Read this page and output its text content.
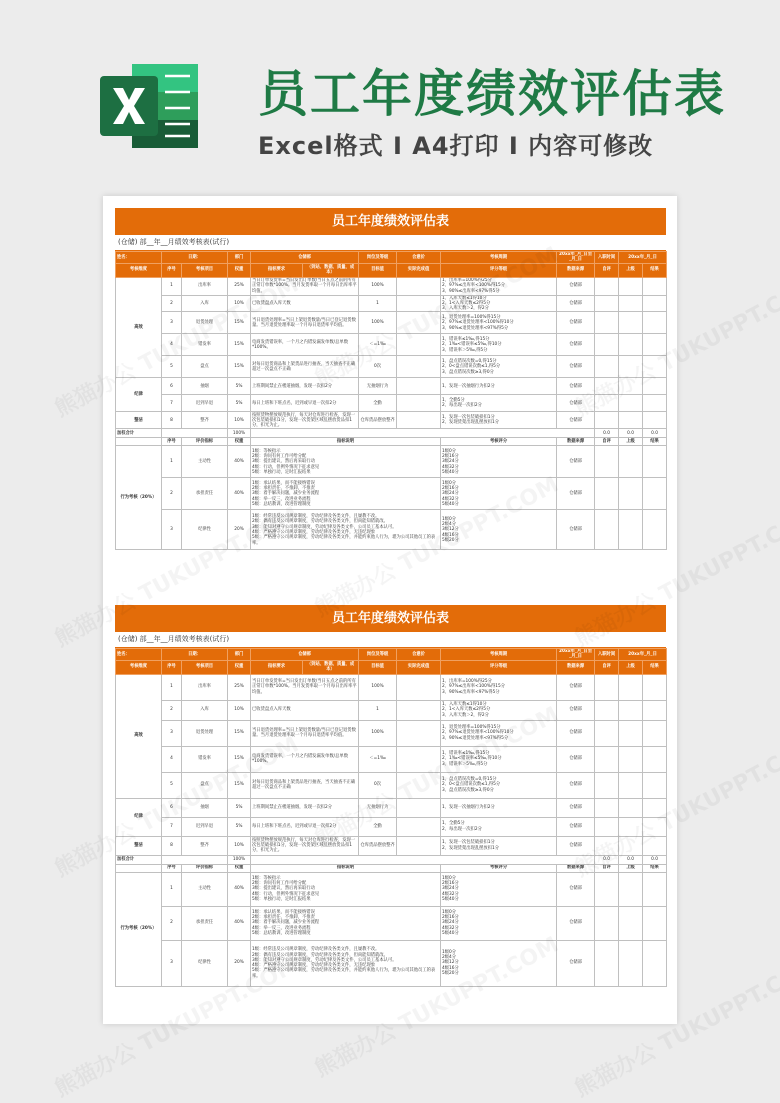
员工年度绩效评估表
Excel格式 I A4打印 I 内容可修改
员工年度绩效评估表
(仓储) 部__年__月绩效考核表(试行)
姓名：	日期：	部门	仓储部	岗位及等级	合意价	考核周期	20xx年_月_日至_月_日	入职时间	20xx年_月_日	
考核维度	序号	考核项目	权重	指标要求	（到站、数据、质量、成本）	目标值	实际完成值	评分等级	数据来源	自评	上级	结果
高效	1	出库率	25%	当日订单发货率=当日发出订单数/当日五点之前的所有正常订单数*100%。当月发货率取一个月每日出库率平均值。	100%		1、出库率=100%得25分
2、97%≤出库率<100%得15分
3、90%≤出库率<97%得5分	仓储部			
2	入库	10%	已收货盘点入库天数	1		1、入库天数≤1得10分
2、1<入库天数≤2得5分
3、入库天数＞2，得2分	仓储部			
3	退货处理	15%	当日退货处理率=当日上架退货数量/当日已登记退货数量。当月退货处理率取一个月每日退货率平均值。	100%		1、退货处理率=100%得15分
2、97%≤退货处理率<100%得10分
3、90%≤退货处理率<97%得5分	仓储部			
4	错发率	15%	电商发货错误率，一个月之内错发漏发单数/总单数*100%。	＜=1‰		1、错误率≤1‰,得15分
2、1‰<错误率≤5‰,得10分
3、错误率＞5‰,得5分	仓储部			
5	盘点	15%	对每日退货商品和上架货品进行抽查，当天抽查不正确超过一次盘点不正确	0次		1、盘点错误次数=0,得15分
2、0<盘点错误次数≤1,得5分
3、盘点错误次数≥3,得0分	仓储部			
纪律	6	抽烟	5%	上班期间禁止在楼道抽烟，发现一次扣2分	无抽烟行为		1、发现一次抽烟行为扣2分	仓储部			
7	迟到早退	5%	每日上班和下班点名，迟到或早退一次扣2分	全勤		1、全勤5分
2、每出现一次扣2分	仓储部			
整洁	8	整齐	10%	按照货物摆放规范执行，每天对仓库进行检查，发现一次包装破损扣1分，发现一次货架区域乱摆放货品扣1分，扣光为止。	仓库货品摆放整齐		1、发现一次包装破损扣1分
2、发现货架出现乱摆放扣1分	仓储部			
加权合计		100%		0.0	0.0	0.0
	序号	评价指标	权重	指标说明	考核评分	数据来源	自评	上级	结果
行为考核（20%）	1	主动性	40%	1级：等候指示
2级：询问有何工作可给分配
3级：提出建议，然后再采取行动
4级：行动，但例外情况下征求意见
5级：单独行动，定时汇报结果	1级0分
2级16分
3级24分
4级32分
5级40分	仓储部			
2	承担责任	40%	1级：承认结果，而不能接纳错误
2级：承担责任，不推卸，不推责
3级：着手解决问题，减少业务流程
4级：举一反三，改进业务流程
5级：总结教训，改进管理制度	1级0分
2级16分
3级24分
4级32分
5级40分	仓储部			
3	纪律性	20%	1级：经常违反公司规章制度，劳动纪律及各类文件，且屡教不改。
2级：偶有违反公司规章制度，劳动纪律及各类文件，但尚能知错就改。
3级：能知对遵守公司规章制度，劳动纪律及各类文件，公司员工基本认可。
4级：严格遵守公司规章制度，劳动纪律及各类文件，无违纪现象
5级：严格遵守公司规章制度，劳动纪律及各类文件，并能约束他人行为，堪为公司其他员工的表率。	1级0分
2级4分
3级12分
4级16分
5级20分	仓储部			
员工年度绩效评估表
(仓储) 部__年__月绩效考核表(试行)
姓名：	日期：	部门	仓储部	岗位及等级	合意价	考核周期	20xx年_月_日至_月_日	入职时间	20xx年_月_日	
考核维度	序号	考核项目	权重	指标要求	（到站、数据、质量、成本）	目标值	实际完成值	评分等级	数据来源	自评	上级	结果
高效	1	出库率	25%	当日订单发货率=当日发出订单数/当日五点之前的所有正常订单数*100%。当月发货率取一个月每日出库率平均值。	100%		1、出库率=100%得25分
2、97%≤出库率<100%得15分
3、90%≤出库率<97%得5分	仓储部			
2	入库	10%	已收货盘点入库天数	1		1、入库天数≤1得10分
2、1<入库天数≤2得5分
3、入库天数＞2，得2分	仓储部			
3	退货处理	15%	当日退货处理率=当日上架退货数量/当日已登记退货数量。当月退货处理率取一个月每日退货率平均值。	100%		1、退货处理率=100%得15分
2、97%≤退货处理率<100%得10分
3、90%≤退货处理率<97%得5分	仓储部			
4	错发率	15%	电商发货错误率，一个月之内错发漏发单数/总单数*100%。	＜=1‰		1、错误率≤1‰,得15分
2、1‰<错误率≤5‰,得10分
3、错误率＞5‰,得5分	仓储部			
5	盘点	15%	对每日退货商品和上架货品进行抽查，当天抽查不正确超过一次盘点不正确	0次		1、盘点错误次数=0,得15分
2、0<盘点错误次数≤1,得5分
3、盘点错误次数≥3,得0分	仓储部			
纪律	6	抽烟	5%	上班期间禁止在楼道抽烟，发现一次扣2分	无抽烟行为		1、发现一次抽烟行为扣2分	仓储部			
7	迟到早退	5%	每日上班和下班点名，迟到或早退一次扣2分	全勤		1、全勤5分
2、每出现一次扣2分	仓储部			
整洁	8	整齐	10%	按照货物摆放规范执行，每天对仓库进行检查，发现一次包装破损扣1分，发现一次货架区域乱摆放货品扣1分，扣光为止。	仓库货品摆放整齐		1、发现一次包装破损扣1分
2、发现货架出现乱摆放扣1分	仓储部			
加权合计		100%		0.0	0.0	0.0
	序号	评价指标	权重	指标说明	考核评分	数据来源	自评	上级	结果
行为考核（20%）	1	主动性	40%	1级：等候指示
2级：询问有何工作可给分配
3级：提出建议，然后再采取行动
4级：行动，但例外情况下征求意见
5级：单独行动，定时汇报结果	1级0分
2级16分
3级24分
4级32分
5级40分	仓储部			
2	承担责任	40%	1级：承认结果，而不能接纳错误
2级：承担责任，不推卸，不推责
3级：着手解决问题，减少业务流程
4级：举一反三，改进业务流程
5级：总结教训，改进管理制度	1级0分
2级16分
3级24分
4级32分
5级40分	仓储部			
3	纪律性	20%	1级：经常违反公司规章制度，劳动纪律及各类文件，且屡教不改。
2级：偶有违反公司规章制度，劳动纪律及各类文件，但尚能知错就改。
3级：能知对遵守公司规章制度，劳动纪律及各类文件，公司员工基本认可。
4级：严格遵守公司规章制度，劳动纪律及各类文件，无违纪现象
5级：严格遵守公司规章制度，劳动纪律及各类文件，并能约束他人行为，堪为公司其他员工的表率。	1级0分
2级4分
3级12分
4级16分
5级20分	仓储部			
